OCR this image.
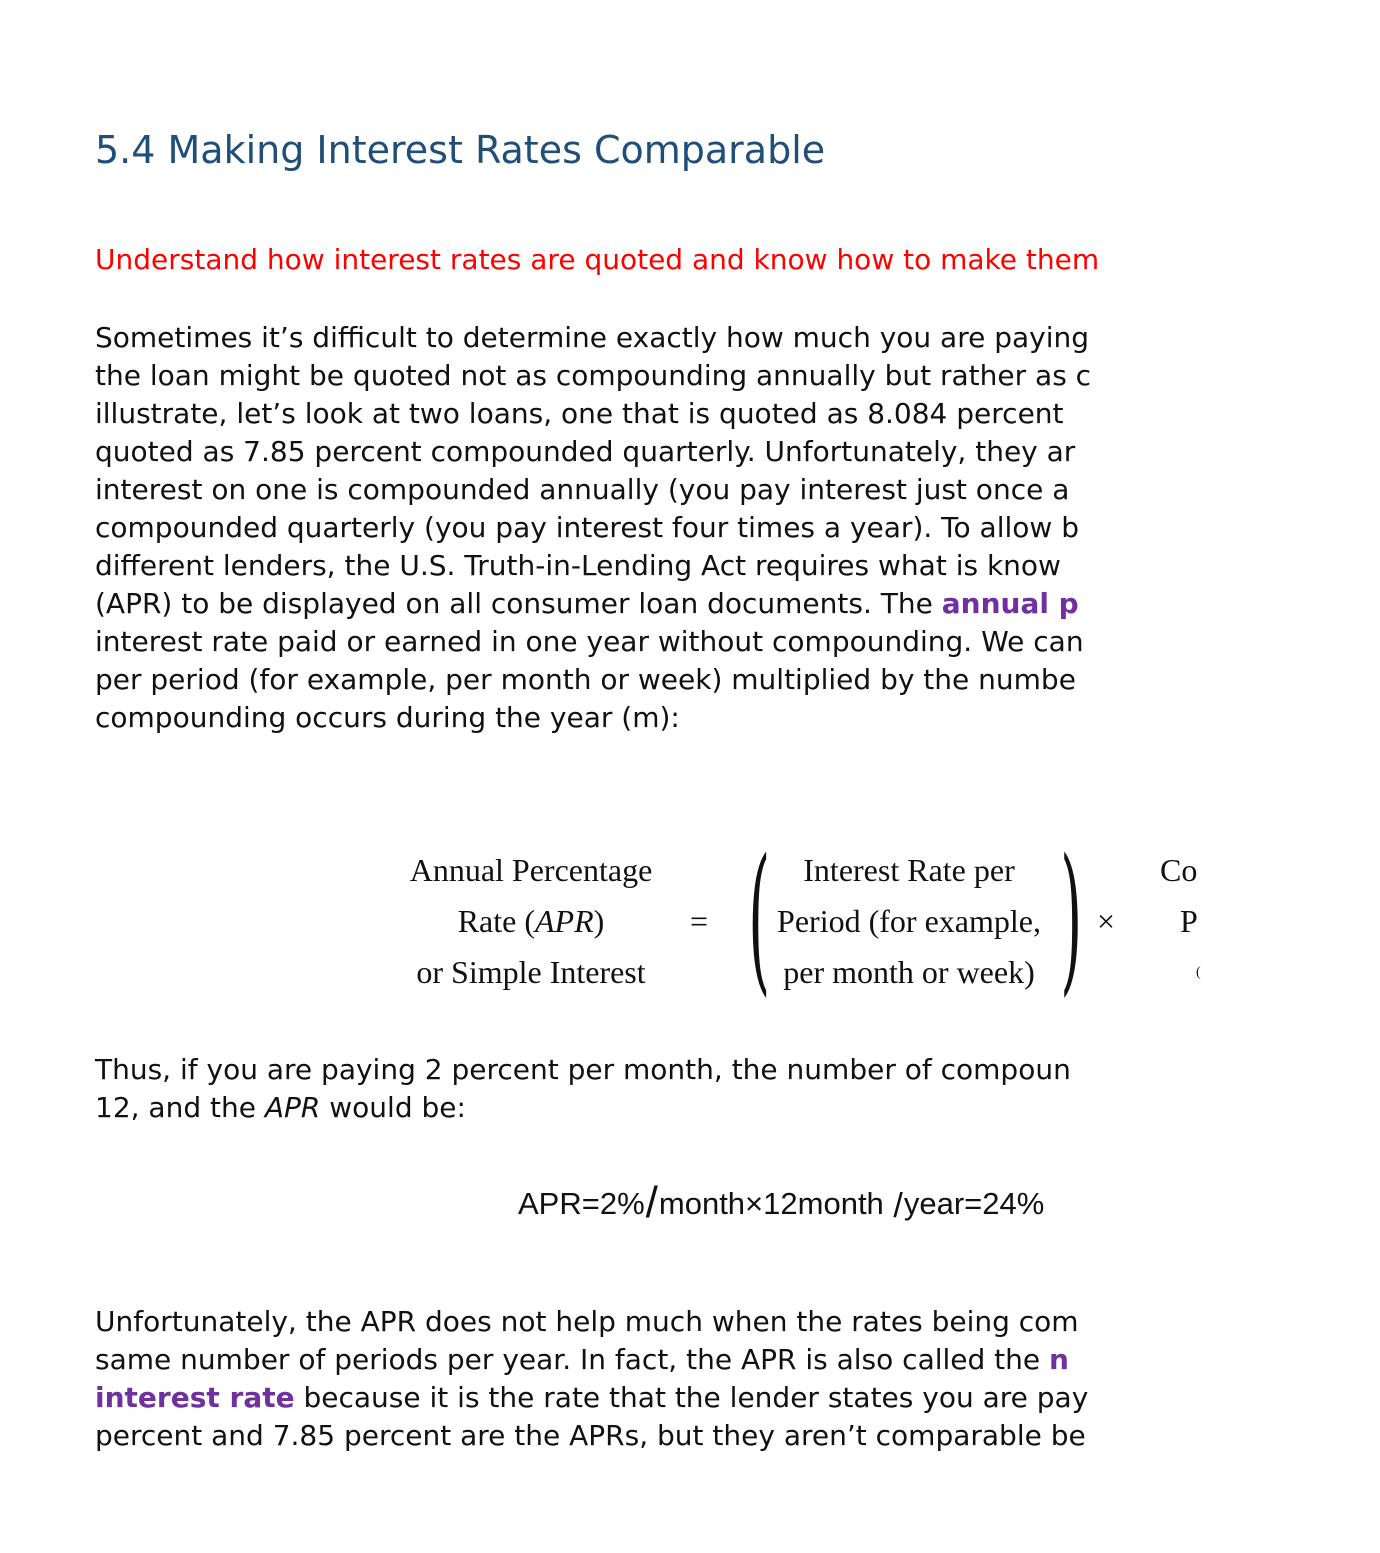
5.4 Making Interest Rates Comparable
Understand how interest rates are quoted and know how to make them
Sometimes it’s difficult to determine exactly how much you are paying
the loan might be quoted not as compounding annually but rather as c
illustrate, let’s look at two loans, one that is quoted as 8.084 percent
quoted as 7.85 percent compounded quarterly. Unfortunately, they ar
interest on one is compounded annually (you pay interest just once a
compounded quarterly (you pay interest four times a year). To allow b
different lenders, the U.S. Truth-in-Lending Act requires what is know
(APR) to be displayed on all consumer loan documents. The annual p
interest rate paid or earned in one year without compounding. We can
per period (for example, per month or week) multiplied by the numbe
compounding occurs during the year (m):
Annual Percentage
Rate (APR)
or Simple Interest
= (	Interest Rate per
Period (for example,
per month or week) ) ×
Co
P
(
Thus, if you are paying 2 percent per month, the number of compoun
12, and the APR would be:
APR=2%/month×12month /year=24%
Unfortunately, the APR does not help much when the rates being com
same number of periods per year. In fact, the APR is also called the n
interest rate because it is the rate that the lender states you are pay
percent and 7.85 percent are the APRs, but they aren’t comparable be
